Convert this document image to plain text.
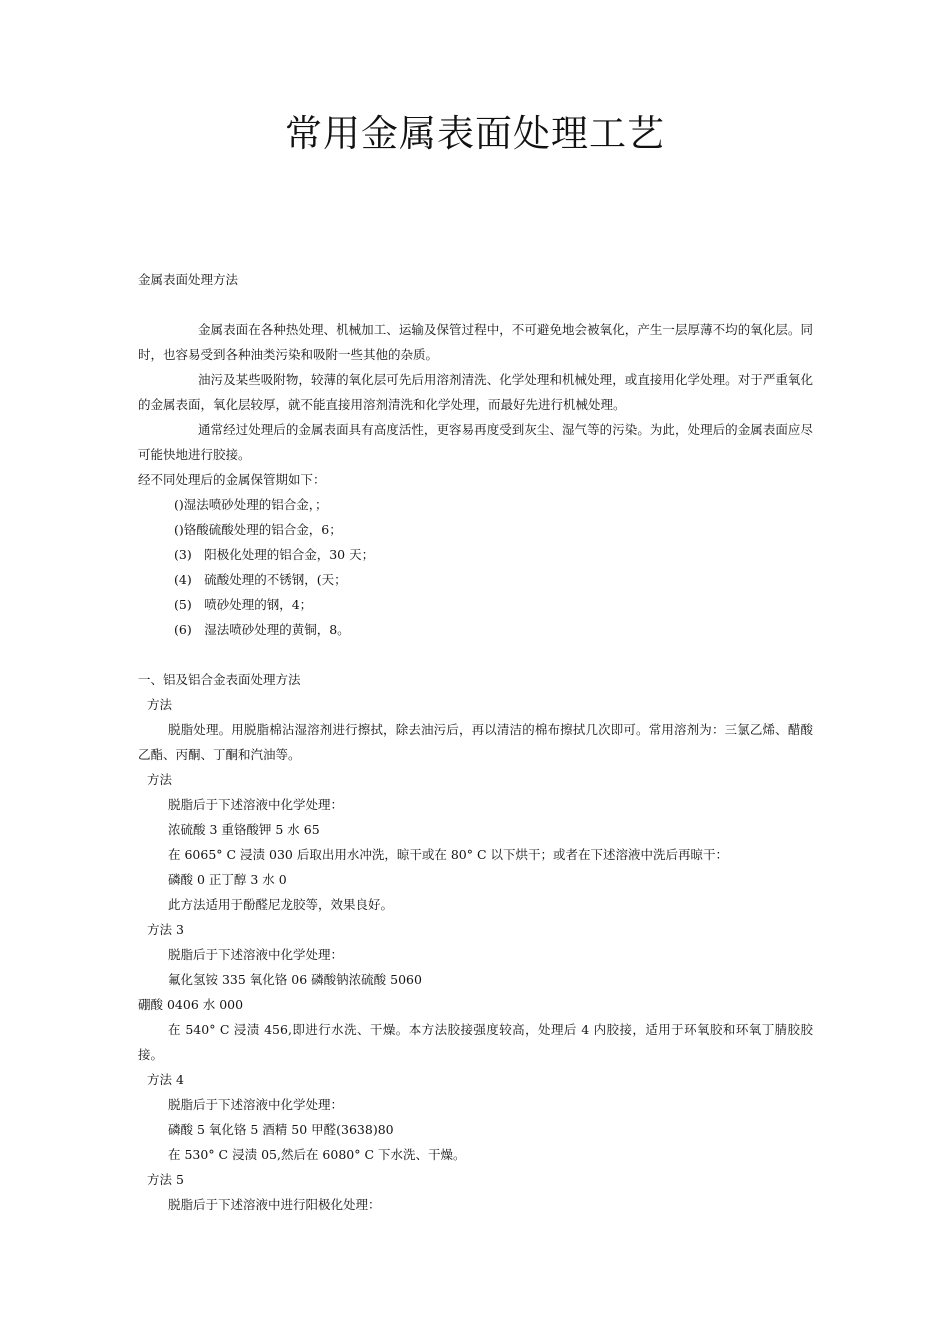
常用金属表面处理工艺

金属表面处理方法

金属表面在各种热处理、机械加工、运输及保管过程中，不可避免地会被氧化，产生一层厚薄不均的氧化层。同时，也容易受到各种油类污染和吸附一些其他的杂质。

油污及某些吸附物，较薄的氧化层可先后用溶剂清洗、化学处理和机械处理，或直接用化学处理。对于严重氧化的金属表面，氧化层较厚，就不能直接用溶剂清洗和化学处理，而最好先进行机械处理。

通常经过处理后的金属表面具有高度活性，更容易再度受到灰尘、湿气等的污染。为此，处理后的金属表面应尽可能快地进行胶接。

经不同处理后的金属保管期如下：

()湿法喷砂处理的铝合金，；

()铬酸硫酸处理的铝合金，6；

(3)　阳极化处理的铝合金，30 天；

(4)　硫酸处理的不锈钢，(天；

(5)　喷砂处理的钢，4；

(6)　湿法喷砂处理的黄铜，8。

一、铝及铝合金表面处理方法

方法

脱脂处理。用脱脂棉沾湿溶剂进行擦拭，除去油污后，再以清洁的棉布擦拭几次即可。常用溶剂为：三氯乙烯、醋酸乙酯、丙酮、丁酮和汽油等。

方法

脱脂后于下述溶液中化学处理：

浓硫酸 3 重铬酸钾 5 水 65

在 6065° C 浸渍 030 后取出用水冲洗，晾干或在 80° C 以下烘干；或者在下述溶液中洗后再晾干：

磷酸 0 正丁醇 3 水 0

此方法适用于酚醛尼龙胶等，效果良好。

方法 3

脱脂后于下述溶液中化学处理：

氟化氢铵 335 氧化铬 06 磷酸钠浓硫酸 5060

硼酸 0406 水 000

在 540° C 浸渍 456,即进行水洗、干燥。本方法胶接强度较高，处理后 4 内胶接，适用于环氧胶和环氧丁腈胶胶接。

方法 4

脱脂后于下述溶液中化学处理：

磷酸 5 氧化铬 5 酒精 50 甲醛(3638)80

在 530° C 浸渍 05,然后在 6080° C 下水洗、干燥。

方法 5

脱脂后于下述溶液中进行阳极化处理：
